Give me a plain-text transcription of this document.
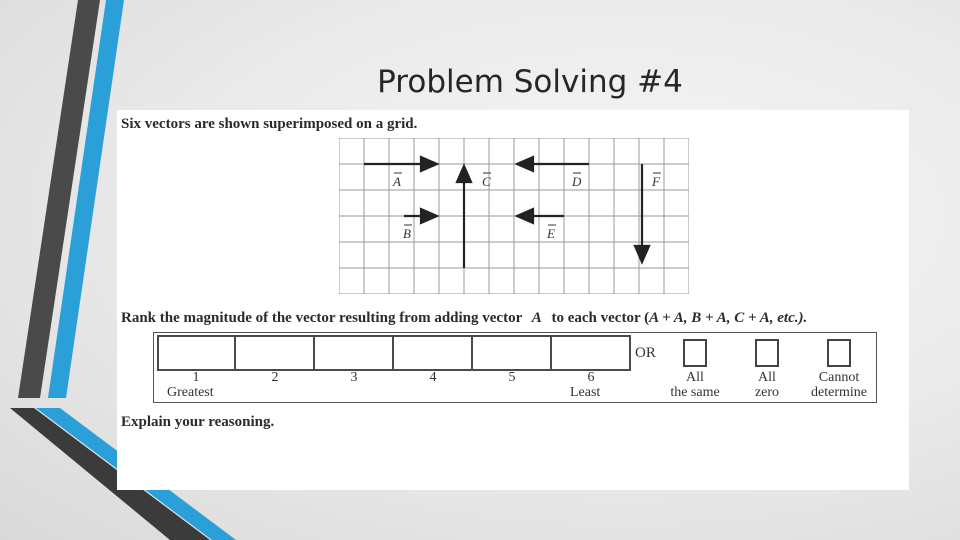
Problem Solving #4
Six vectors are shown superimposed on a grid.
A
B
C	D
E
F
Rank the magnitude of the vector resulting from adding vector A to each vector (A + A, B + A, C + A, etc.).
1	2	3	4	5	6
Greatest	Least
OR
All
the same
All
zero
Cannot
determine
Explain your reasoning.
